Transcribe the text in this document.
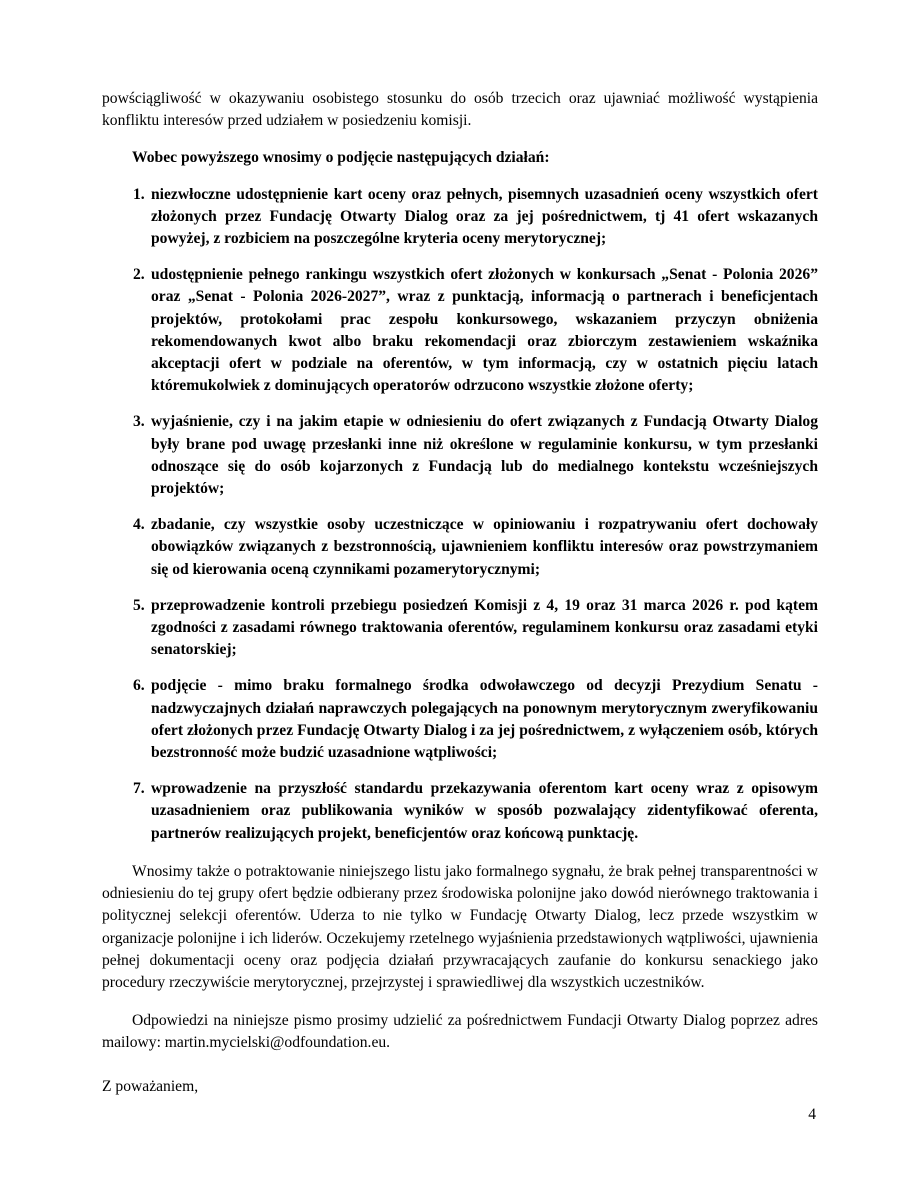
powściągliwość w okazywaniu osobistego stosunku do osób trzecich oraz ujawniać możliwość wystąpienia konfliktu interesów przed udziałem w posiedzeniu komisji.

Wobec powyższego wnosimy o podjęcie następujących działań:

1. niezwłoczne udostępnienie kart oceny oraz pełnych, pisemnych uzasadnień oceny wszystkich ofert złożonych przez Fundację Otwarty Dialog oraz za jej pośrednictwem, tj 41 ofert wskazanych powyżej, z rozbiciem na poszczególne kryteria oceny merytorycznej;
2. udostępnienie pełnego rankingu wszystkich ofert złożonych w konkursach „Senat - Polonia 2026” oraz „Senat - Polonia 2026-2027”, wraz z punktacją, informacją o partnerach i beneficjentach projektów, protokołami prac zespołu konkursowego, wskazaniem przyczyn obniżenia rekomendowanych kwot albo braku rekomendacji oraz zbiorczym zestawieniem wskaźnika akceptacji ofert w podziale na oferentów, w tym informacją, czy w ostatnich pięciu latach któremukolwiek z dominujących operatorów odrzucono wszystkie złożone oferty;
3. wyjaśnienie, czy i na jakim etapie w odniesieniu do ofert związanych z Fundacją Otwarty Dialog były brane pod uwagę przesłanki inne niż określone w regulaminie konkursu, w tym przesłanki odnoszące się do osób kojarzonych z Fundacją lub do medialnego kontekstu wcześniejszych projektów;
4. zbadanie, czy wszystkie osoby uczestniczące w opiniowaniu i rozpatrywaniu ofert dochowały obowiązków związanych z bezstronnością, ujawnieniem konfliktu interesów oraz powstrzymaniem się od kierowania oceną czynnikami pozamerytorycznymi;
5. przeprowadzenie kontroli przebiegu posiedzeń Komisji z 4, 19 oraz 31 marca 2026 r. pod kątem zgodności z zasadami równego traktowania oferentów, regulaminem konkursu oraz zasadami etyki senatorskiej;
6. podjęcie - mimo braku formalnego środka odwoławczego od decyzji Prezydium Senatu - nadzwyczajnych działań naprawczych polegających na ponownym merytorycznym zweryfikowaniu ofert złożonych przez Fundację Otwarty Dialog i za jej pośrednictwem, z wyłączeniem osób, których bezstronność może budzić uzasadnione wątpliwości;
7. wprowadzenie na przyszłość standardu przekazywania oferentom kart oceny wraz z opisowym uzasadnieniem oraz publikowania wyników w sposób pozwalający zidentyfikować oferenta, partnerów realizujących projekt, beneficjentów oraz końcową punktację.

Wnosimy także o potraktowanie niniejszego listu jako formalnego sygnału, że brak pełnej transparentności w odniesieniu do tej grupy ofert będzie odbierany przez środowiska polonijne jako dowód nierównego traktowania i politycznej selekcji oferentów. Uderza to nie tylko w Fundację Otwarty Dialog, lecz przede wszystkim w organizacje polonijne i ich liderów. Oczekujemy rzetelnego wyjaśnienia przedstawionych wątpliwości, ujawnienia pełnej dokumentacji oceny oraz podjęcia działań przywracających zaufanie do konkursu senackiego jako procedury rzeczywiście merytorycznej, przejrzystej i sprawiedliwej dla wszystkich uczestników.

Odpowiedzi na niniejsze pismo prosimy udzielić za pośrednictwem Fundacji Otwarty Dialog poprzez adres mailowy: martin.mycielski@odfoundation.eu.

Z poważaniem,

4
